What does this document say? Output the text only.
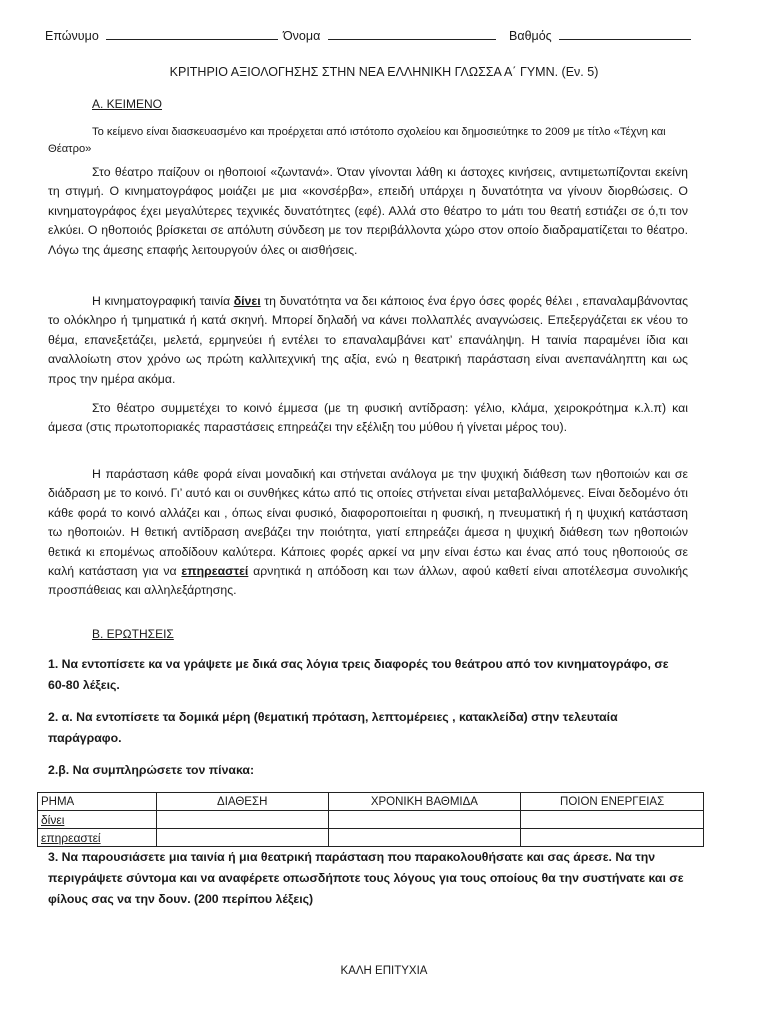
Επώνυμο	Όνομα	Βαθμός
ΚΡΙΤΗΡΙΟ ΑΞΙΟΛΟΓΗΣΗΣ ΣΤΗΝ ΝΕΑ ΕΛΛΗΝΙΚΗ ΓΛΩΣΣΑ Α΄ ΓΥΜΝ. (Εν. 5)
Α. ΚΕΙΜΕΝΟ
Το κείμενο είναι διασκευασμένο και προέρχεται από ιστότοπο σχολείου και δημοσιεύτηκε το 2009 με τίτλο «Τέχνη και Θέατρο»
Στο θέατρο παίζουν οι ηθοποιοί «ζωντανά». Όταν γίνονται λάθη κι άστοχες κινήσεις, αντιμετωπίζονται εκείνη τη στιγμή. Ο κινηματογράφος μοιάζει με μια «κονσέρβα», επειδή υπάρχει η δυνατότητα να γίνουν διορθώσεις. Ο κινηματογράφος έχει μεγαλύτερες τεχνικές δυνατότητες (εφέ). Αλλά στο θέατρο το μάτι του θεατή εστιάζει σε ό,τι τον ελκύει. Ο ηθοποιός βρίσκεται σε απόλυτη σύνδεση με τον περιβάλλοντα χώρο στον οποίο διαδραματίζεται το θέατρο. Λόγω της άμεσης επαφής λειτουργούν όλες οι αισθήσεις.
Η κινηματογραφική ταινία δίνει τη δυνατότητα να δει κάποιος ένα έργο όσες φορές θέλει , επαναλαμβάνοντας το ολόκληρο ή τμηματικά ή κατά σκηνή. Μπορεί δηλαδή να κάνει πολλαπλές αναγνώσεις. Επεξεργάζεται εκ νέου το θέμα, επανεξετάζει, μελετά, ερμηνεύει ή εντέλει το επαναλαμβάνει κατ’ επανάληψη. Η ταινία παραμένει ίδια και αναλλοίωτη στον χρόνο ως πρώτη καλλιτεχνική της αξία, ενώ η θεατρική παράσταση είναι ανεπανάληπτη και ως προς την ημέρα ακόμα.
Στο θέατρο συμμετέχει το κοινό έμμεσα (με τη φυσική αντίδραση: γέλιο, κλάμα, χειροκρότημα κ.λ.π) και άμεσα (στις πρωτοποριακές παραστάσεις επηρεάζει την εξέλιξη του μύθου ή γίνεται μέρος του).
Η παράσταση κάθε φορά είναι μοναδική και στήνεται ανάλογα με την ψυχική διάθεση των ηθοποιών και σε διάδραση με το κοινό. Γι’ αυτό και οι συνθήκες κάτω από τις οποίες στήνεται είναι μεταβαλλόμενες. Είναι δεδομένο ότι κάθε φορά το κοινό αλλάζει και , όπως είναι φυσικό, διαφοροποιείται η φυσική, η πνευματική ή η ψυχική κατάσταση τω ηθοποιών. Η θετική αντίδραση ανεβάζει την ποιότητα, γιατί επηρεάζει άμεσα η ψυχική διάθεση των ηθοποιών θετικά κι επομένως αποδίδουν καλύτερα. Κάποιες φορές αρκεί να μην είναι έστω και ένας από τους ηθοποιούς σε καλή κατάσταση για να επηρεαστεί αρνητικά η απόδοση και των άλλων, αφού καθετί είναι αποτέλεσμα συνολικής προσπάθειας και αλληλεξάρτησης.
Β. ΕΡΩΤΗΣΕΙΣ
1. Να εντοπίσετε κα να γράψετε με δικά σας λόγια τρεις διαφορές του θεάτρου από τον κινηματογράφο, σε 60-80 λέξεις.
2. α. Να εντοπίσετε τα δομικά μέρη (θεματική πρόταση, λεπτομέρειες , κατακλείδα) στην τελευταία παράγραφο.
2.β. Να συμπληρώσετε τον πίνακα:
ΡΗΜΑ	ΔΙΑΘΕΣΗ	ΧΡΟΝΙΚΗ ΒΑΘΜΙΔΑ	ΠΟΙΟΝ ΕΝΕΡΓΕΙΑΣ
δίνει			
επηρεαστεί			
3. Να παρουσιάσετε μια ταινία ή μια θεατρική παράσταση που παρακολουθήσατε και σας άρεσε. Να την περιγράψετε σύντομα και να αναφέρετε οπωσδήποτε τους λόγους για τους οποίους θα την συστήνατε και σε φίλους σας να την δουν. (200 περίπου λέξεις)
ΚΑΛΗ ΕΠΙΤΥΧΙΑ
